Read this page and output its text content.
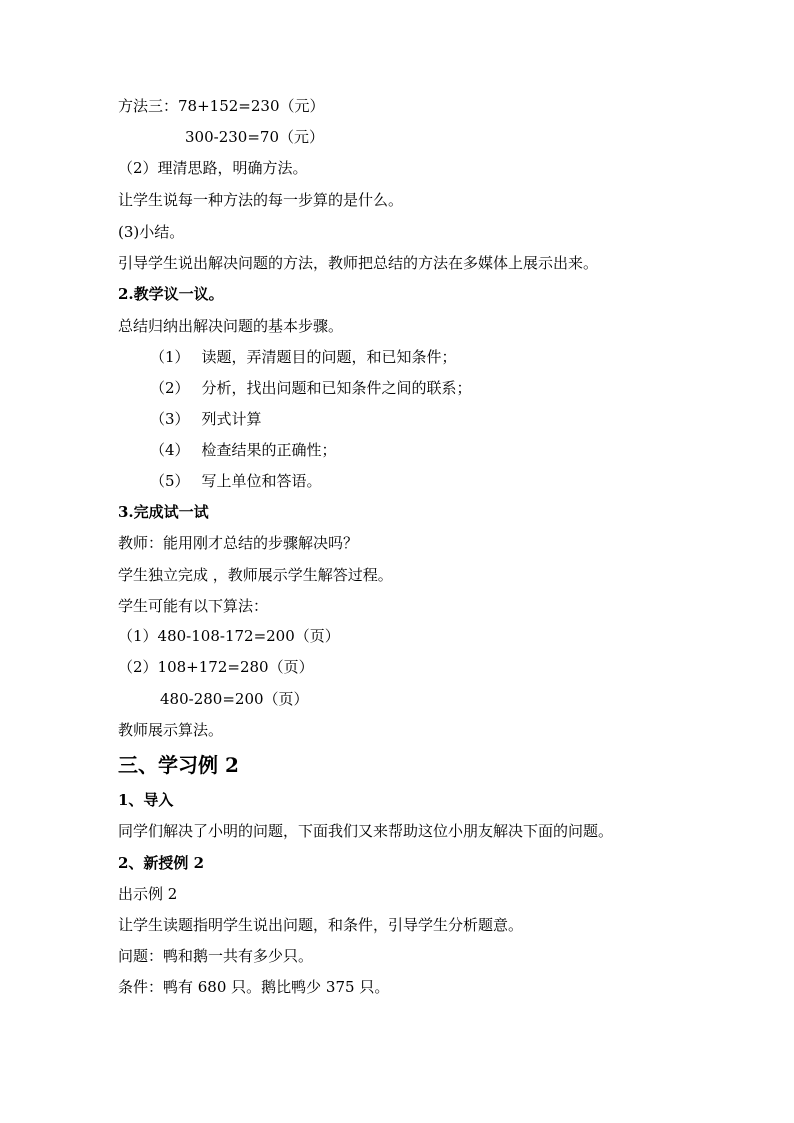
方法三：78+152=230（元）
300-230=70（元）
（2）理清思路，明确方法。
让学生说每一种方法的每一步算的是什么。
(3)小结。
引导学生说出解决问题的方法，教师把总结的方法在多媒体上展示出来。
2.教学议一议。
总结归纳出解决问题的基本步骤。
（1） 读题，弄清题目的问题，和已知条件；
（2） 分析，找出问题和已知条件之间的联系；
（3） 列式计算
（4） 检查结果的正确性；
（5） 写上单位和答语。
3.完成试一试
教师：能用刚才总结的步骤解决吗？
学生独立完成 ，教师展示学生解答过程。
学生可能有以下算法：
（1）480-108-172=200（页）
（2）108+172=280（页）
480-280=200（页）
教师展示算法。
三、学习例 2
1、导入
同学们解决了小明的问题，下面我们又来帮助这位小朋友解决下面的问题。
2、新授例 2
出示例 2
让学生读题指明学生说出问题，和条件，引导学生分析题意。
问题：鸭和鹅一共有多少只。
条件：鸭有 680 只。鹅比鸭少 375 只。
